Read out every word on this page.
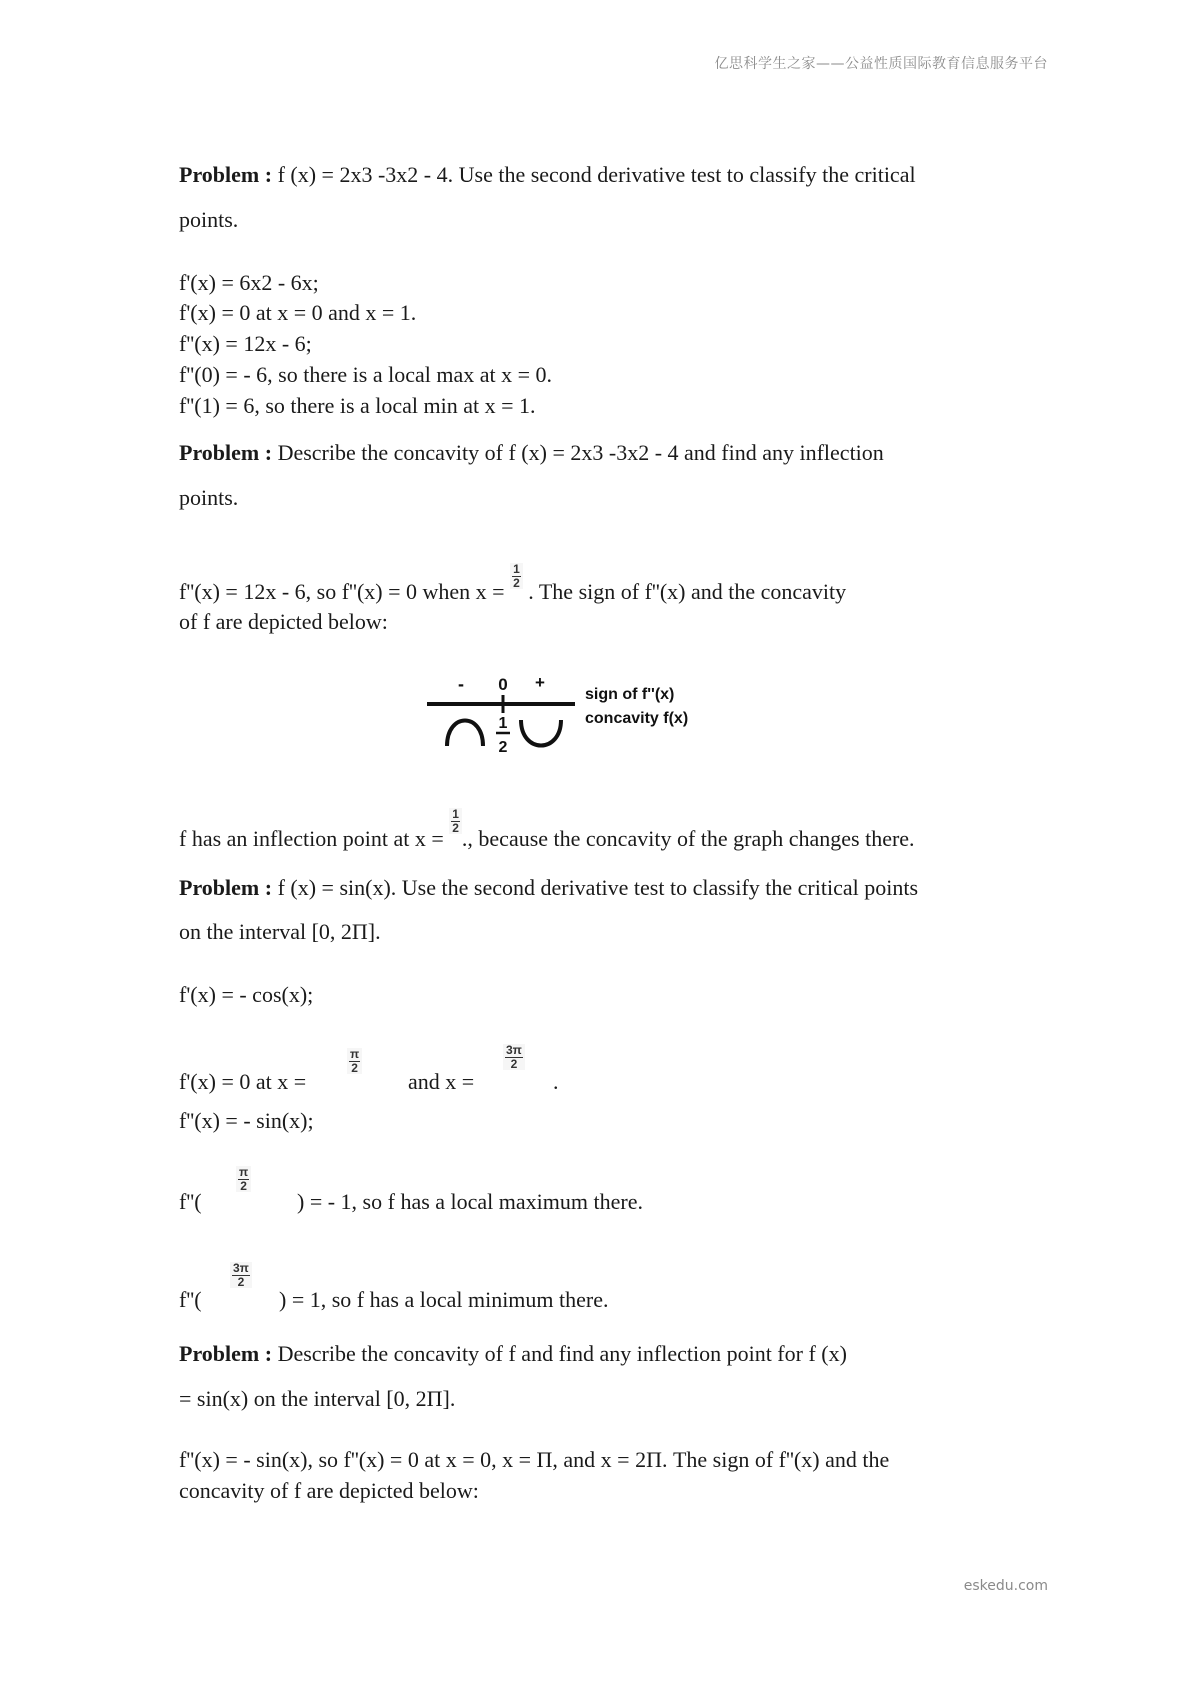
亿思科学生之家——公益性质国际教育信息服务平台
Problem : f (x) = 2x3 -3x2 - 4. Use the second derivative test to classify the critical
points.
f'(x) = 6x2 - 6x;
f'(x) = 0 at x = 0 and x = 1.
f''(x) = 12x - 6;
f''(0) = - 6, so there is a local max at x = 0.
f''(1) = 6, so there is a local min at x = 1.
Problem : Describe the concavity of f (x) = 2x3 -3x2 - 4 and find any inflection
points.
f''(x) = 12x - 6, so f''(x) = 0 when x =
$\frac{1}{2}$
. The sign of f''(x) and the concavity
of f are depicted below:
- 0 +
1
2
sign of f''(x)
concavity f(x)
f has an inflection point at x =
$\frac{1}{2}$
., because the concavity of the graph changes there.
Problem : f (x) = sin(x). Use the second derivative test to classify the critical points
on the interval [0, 2Π].
f'(x) = - cos(x);
f'(x) = 0 at x =
$\frac{\pi}{2}$
and x =
$\frac{3\pi}{2}$
.
f''(x) = - sin(x);
f''(
$\frac{\pi}{2}$
) = - 1, so f has a local maximum there.
f''(
$\frac{3\pi}{2}$
) = 1, so f has a local minimum there.
Problem : Describe the concavity of f and find any inflection point for f (x)
= sin(x) on the interval [0, 2Π].
f''(x) = - sin(x), so f''(x) = 0 at x = 0, x = Π, and x = 2Π. The sign of f''(x) and the
concavity of f are depicted below:
eskedu.com
